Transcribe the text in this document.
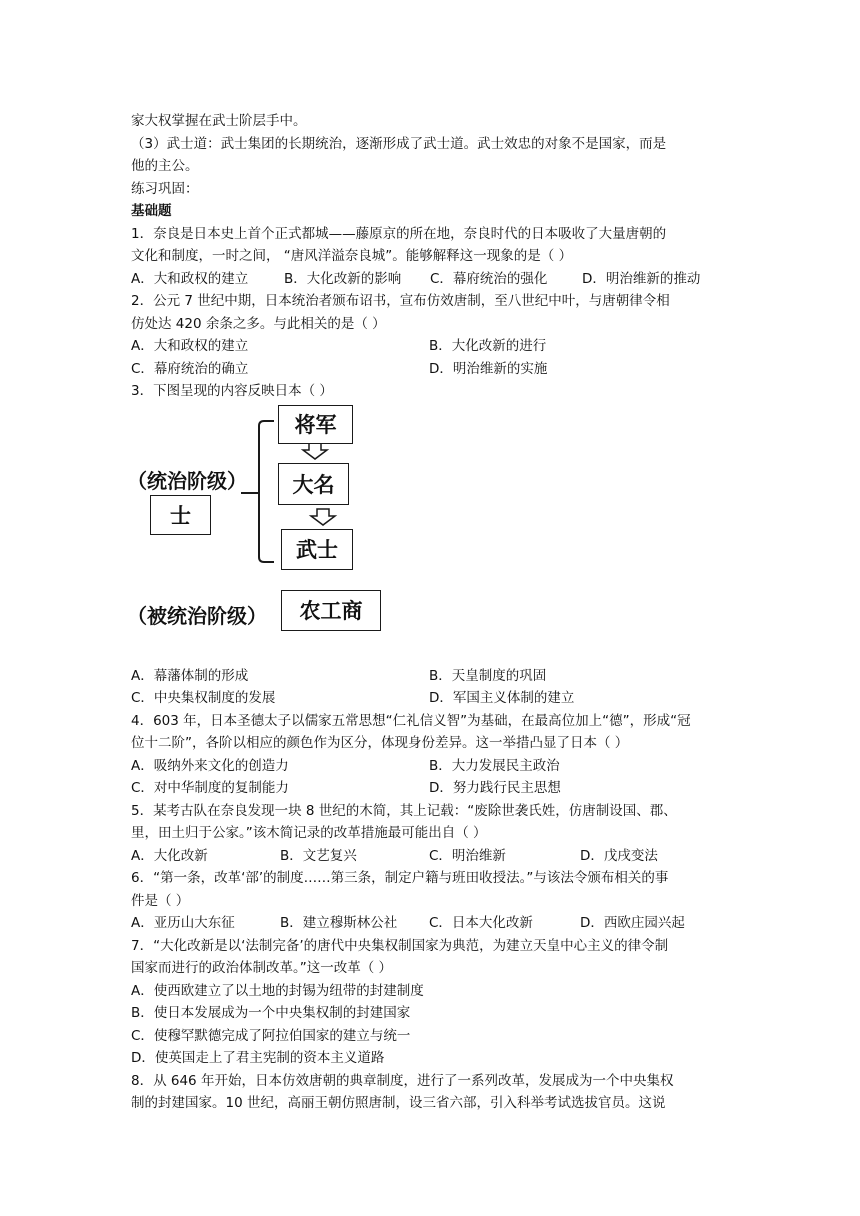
家大权掌握在武士阶层手中。
（3）武士道：武士集团的长期统治，逐渐形成了武士道。武士效忠的对象不是国家，而是
他的主公。
练习巩固：
基础题
1．奈良是日本史上首个正式都城——藤原京的所在地，奈良时代的日本吸收了大量唐朝的
文化和制度，一时之间， “唐风洋溢奈良城”。能够解释这一现象的是（ ）
A．大和政权的建立	B．大化改新的影响	C．幕府统治的强化	D．明治维新的推动
2．公元 7 世纪中期，日本统治者颁布诏书，宣布仿效唐制，至八世纪中叶，与唐朝律令相
仿处达 420 余条之多。与此相关的是（ ）
A．大和政权的建立	B．大化改新的进行
C．幕府统治的确立	D．明治维新的实施
3．下图呈现的内容反映日本（ ）
（统治阶级）
士
将军
大名
武士
（被统治阶级）	农工商
A．幕藩体制的形成	B．天皇制度的巩固
C．中央集权制度的发展	D．军国主义体制的建立
4．603 年，日本圣德太子以儒家五常思想“仁礼信义智”为基础，在最高位加上“德”，形成“冠
位十二阶”，各阶以相应的颜色作为区分，体现身份差异。这一举措凸显了日本（ ）
A．吸纳外来文化的创造力	B．大力发展民主政治
C．对中华制度的复制能力	D．努力践行民主思想
5．某考古队在奈良发现一块 8 世纪的木简，其上记载：“废除世袭氏姓，仿唐制设国、郡、
里，田土归于公家。”该木简记录的改革措施最可能出自（ ）
A．大化改新	B．文艺复兴	C．明治维新	D．戊戌变法
6．“第一条，改革‘部’的制度……第三条，制定户籍与班田收授法。”与该法令颁布相关的事
件是（ ）
A．亚历山大东征	B．建立穆斯林公社	C．日本大化改新	D．西欧庄园兴起
7．“大化改新是以‘法制完备’的唐代中央集权制国家为典范，为建立天皇中心主义的律令制
国家而进行的政治体制改革。”这一改革（ ）
A．使西欧建立了以土地的封锡为纽带的封建制度
B．使日本发展成为一个中央集权制的封建国家
C．使穆罕默德完成了阿拉伯国家的建立与统一
D．使英国走上了君主宪制的资本主义道路
8．从 646 年开始，日本仿效唐朝的典章制度，进行了一系列改革，发展成为一个中央集权
制的封建国家。10 世纪，高丽王朝仿照唐制，设三省六部，引入科举考试选拔官员。这说
